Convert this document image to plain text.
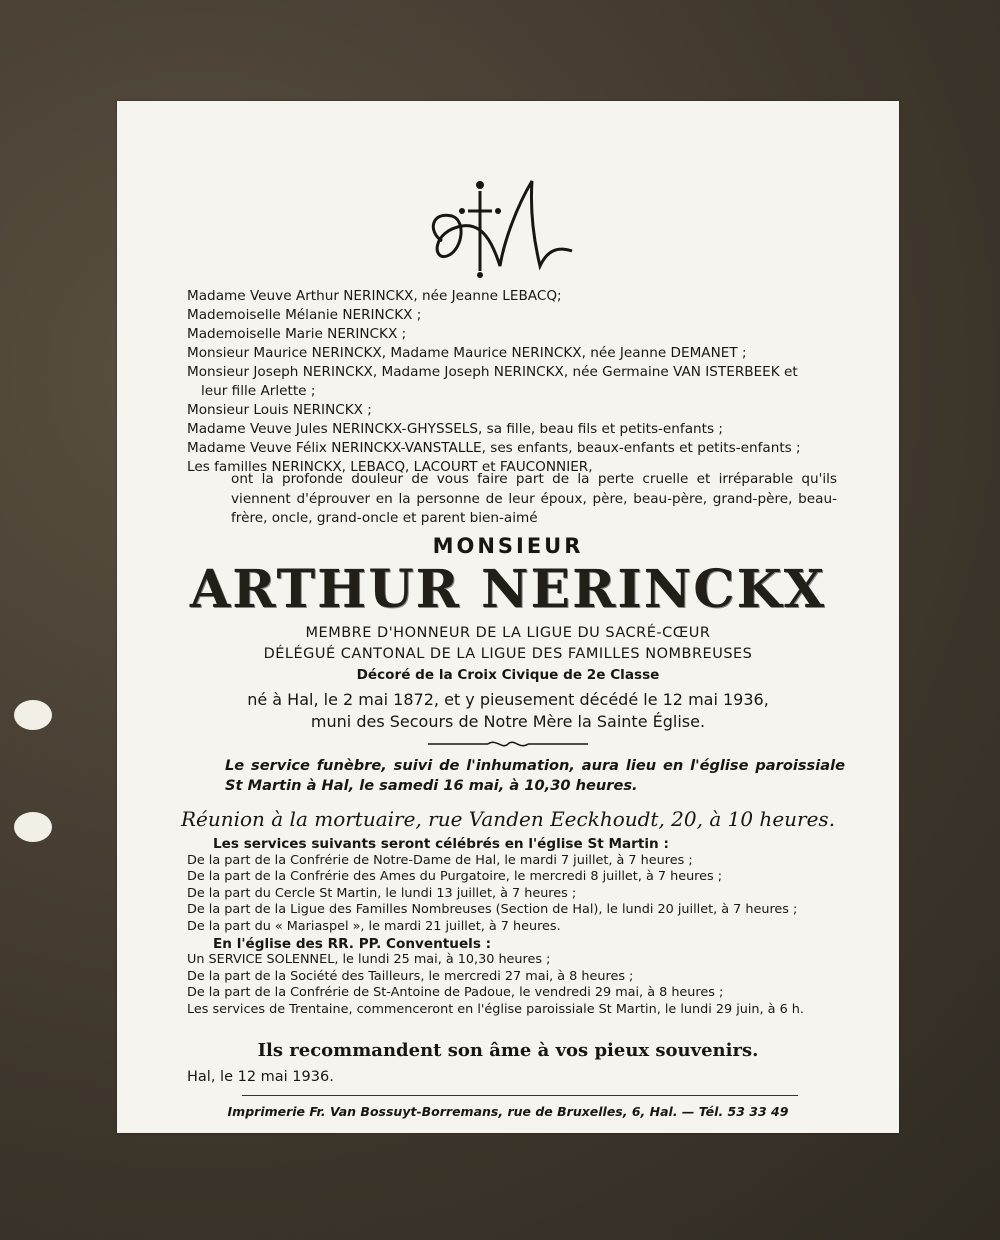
Madame Veuve Arthur NERINCKX, née Jeanne LEBACQ;
Mademoiselle Mélanie NERINCKX ;
Mademoiselle Marie NERINCKX ;
Monsieur Maurice NERINCKX, Madame Maurice NERINCKX, née Jeanne DEMANET ;
Monsieur Joseph NERINCKX, Madame Joseph NERINCKX, née Germaine VAN ISTERBEEK et
leur fille Arlette ;
Monsieur Louis NERINCKX ;
Madame Veuve Jules NERINCKX-GHYSSELS, sa fille, beau fils et petits-enfants ;
Madame Veuve Félix NERINCKX-VANSTALLE, ses enfants, beaux-enfants et petits-enfants ;
Les familles NERINCKX, LEBACQ, LACOURT et FAUCONNIER,
ont la profonde douleur de vous faire part de la perte cruelle et irréparable qu'ils viennent d'éprouver en la personne de leur époux, père, beau-père, grand-père, beau-frère, oncle, grand-oncle et parent bien-aimé
MONSIEUR
ARTHUR NERINCKX
MEMBRE D'HONNEUR DE LA LIGUE DU SACRÉ-CŒUR
DÉLÉGUÉ CANTONAL DE LA LIGUE DES FAMILLES NOMBREUSES
Décoré de la Croix Civique de 2e Classe
né à Hal, le 2 mai 1872, et y pieusement décédé le 12 mai 1936,
muni des Secours de Notre Mère la Sainte Église.
Le service funèbre, suivi de l'inhumation, aura lieu en l'église paroissiale St Martin à Hal, le samedi 16 mai, à 10,30 heures.
Réunion à la mortuaire, rue Vanden Eeckhoudt, 20, à 10 heures.
Les services suivants seront célébrés en l'église St Martin :
De la part de la Confrérie de Notre-Dame de Hal, le mardi 7 juillet, à 7 heures ;
De la part de la Confrérie des Ames du Purgatoire, le mercredi 8 juillet, à 7 heures ;
De la part du Cercle St Martin, le lundi 13 juillet, à 7 heures ;
De la part de la Ligue des Familles Nombreuses (Section de Hal), le lundi 20 juillet, à 7 heures ;
De la part du « Mariaspel », le mardi 21 juillet, à 7 heures.
En l'église des RR. PP. Conventuels :
Un SERVICE SOLENNEL, le lundi 25 mai, à 10,30 heures ;
De la part de la Société des Tailleurs, le mercredi 27 mai, à 8 heures ;
De la part de la Confrérie de St-Antoine de Padoue, le vendredi 29 mai, à 8 heures ;
Les services de Trentaine, commenceront en l'église paroissiale St Martin, le lundi 29 juin, à 6 h.
Ils recommandent son âme à vos pieux souvenirs.
Hal, le 12 mai 1936.
Imprimerie Fr. Van Bossuyt-Borremans, rue de Bruxelles, 6, Hal. — Tél. 53 33 49
